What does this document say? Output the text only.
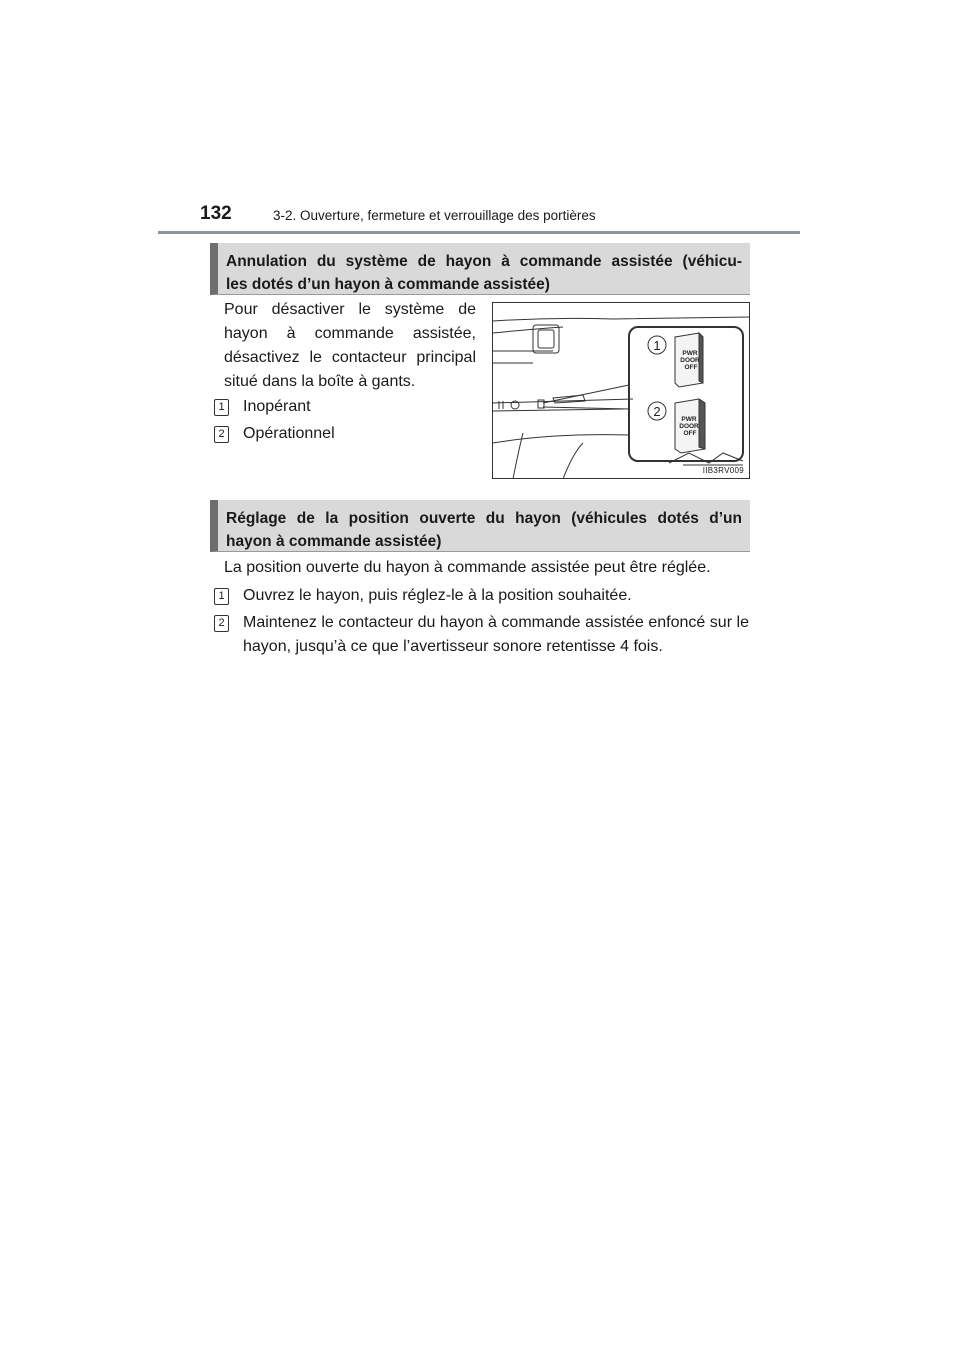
132	3-2. Ouverture, fermeture et verrouillage des portières
Annulation du système de hayon à commande assistée (véhicu-
les dotés d’un hayon à commande assistée)
Pour désactiver le système de hayon à commande assistée, désactivez le contacteur principal situé dans la boîte à gants.
1 Inopérant
2 Opérationnel
PWR
DOOR
OFF
PWR
DOOR
OFF
1
2
IIB3RV009
Réglage de la position ouverte du hayon (véhicules dotés d’un
hayon à commande assistée)
La position ouverte du hayon à commande assistée peut être réglée.
1 Ouvrez le hayon, puis réglez-le à la position souhaitée.
2 Maintenez le contacteur du hayon à commande assistée enfoncé sur le hayon, jusqu’à ce que l’avertisseur sonore retentisse 4 fois.
